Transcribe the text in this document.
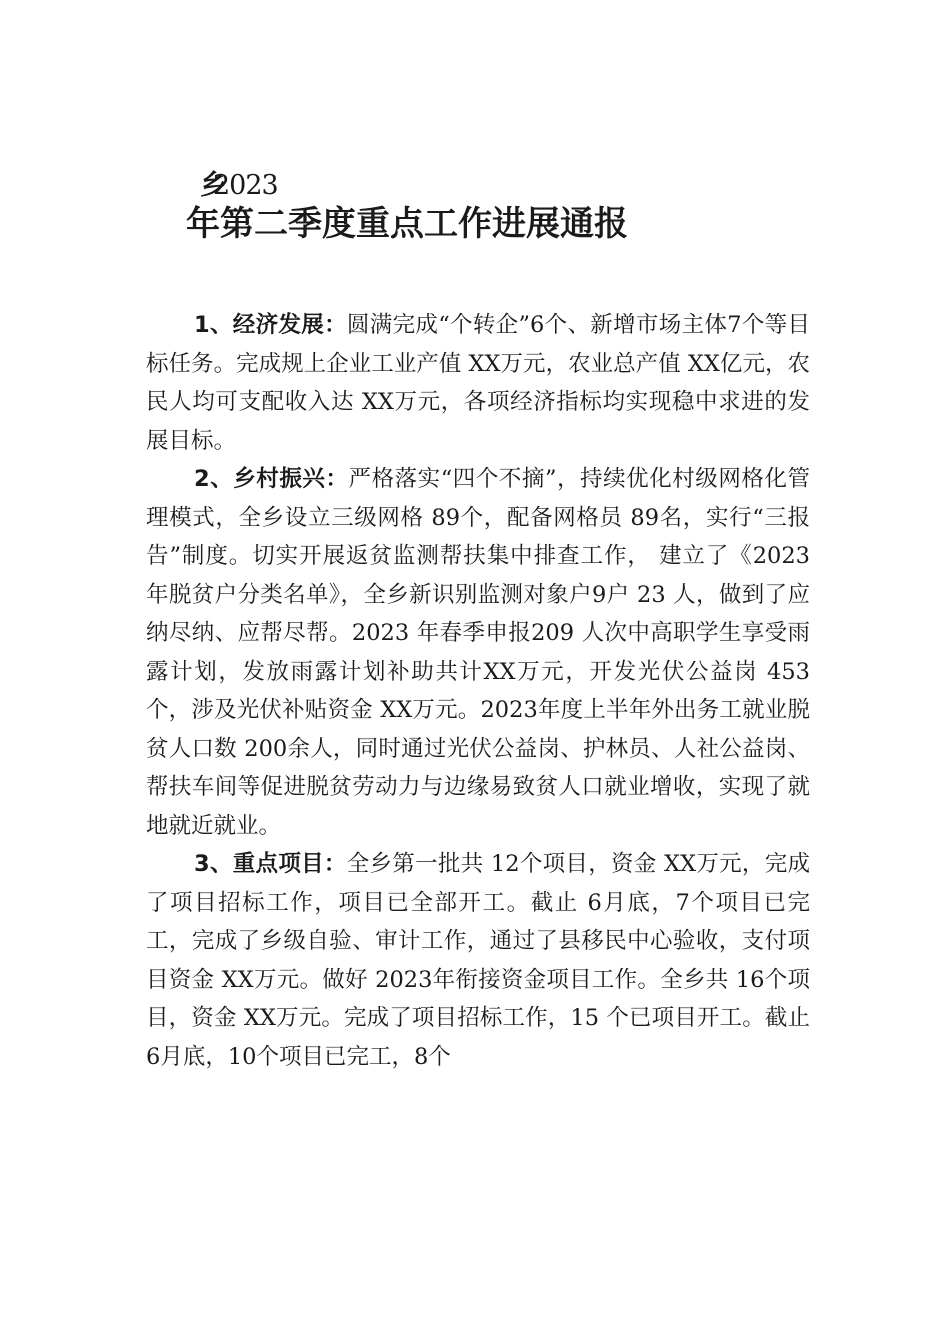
乡2023
年第二季度重点工作进展通报

1、经济发展：圆满完成“个转企”6个、新增市场主体7个等目标任务。完成规上企业工业产值 XX万元，农业总产值 XX亿元，农民人均可支配收入达 XX万元，各项经济指标均实现稳中求进的发展目标。

2、乡村振兴：严格落实“四个不摘”，持续优化村级网格化管理模式，全乡设立三级网格 89个，配备网格员 89名，实行“三报告”制度。切实开展返贫监测帮扶集中排查工作， 建立了《2023 年脱贫户分类名单》，全乡新识别监测对象户9户 23 人，做到了应纳尽纳、应帮尽帮。2023 年春季申报209 人次中高职学生享受雨露计划，发放雨露计划补助共计XX万元，开发光伏公益岗 453个，涉及光伏补贴资金 XX万元。2023年度上半年外出务工就业脱贫人口数 200余人，同时通过光伏公益岗、护林员、人社公益岗、帮扶车间等促进脱贫劳动力与边缘易致贫人口就业增收，实现了就地就近就业。

3、重点项目：全乡第一批共 12个项目，资金 XX万元，完成了项目招标工作，项目已全部开工。截止 6月底，7个项目已完工，完成了乡级自验、审计工作，通过了县移民中心验收，支付项目资金 XX万元。做好 2023年衔接资金项目工作。全乡共 16个项目，资金 XX万元。完成了项目招标工作，15 个已项目开工。截止 6月底，10个项目已完工，8个
